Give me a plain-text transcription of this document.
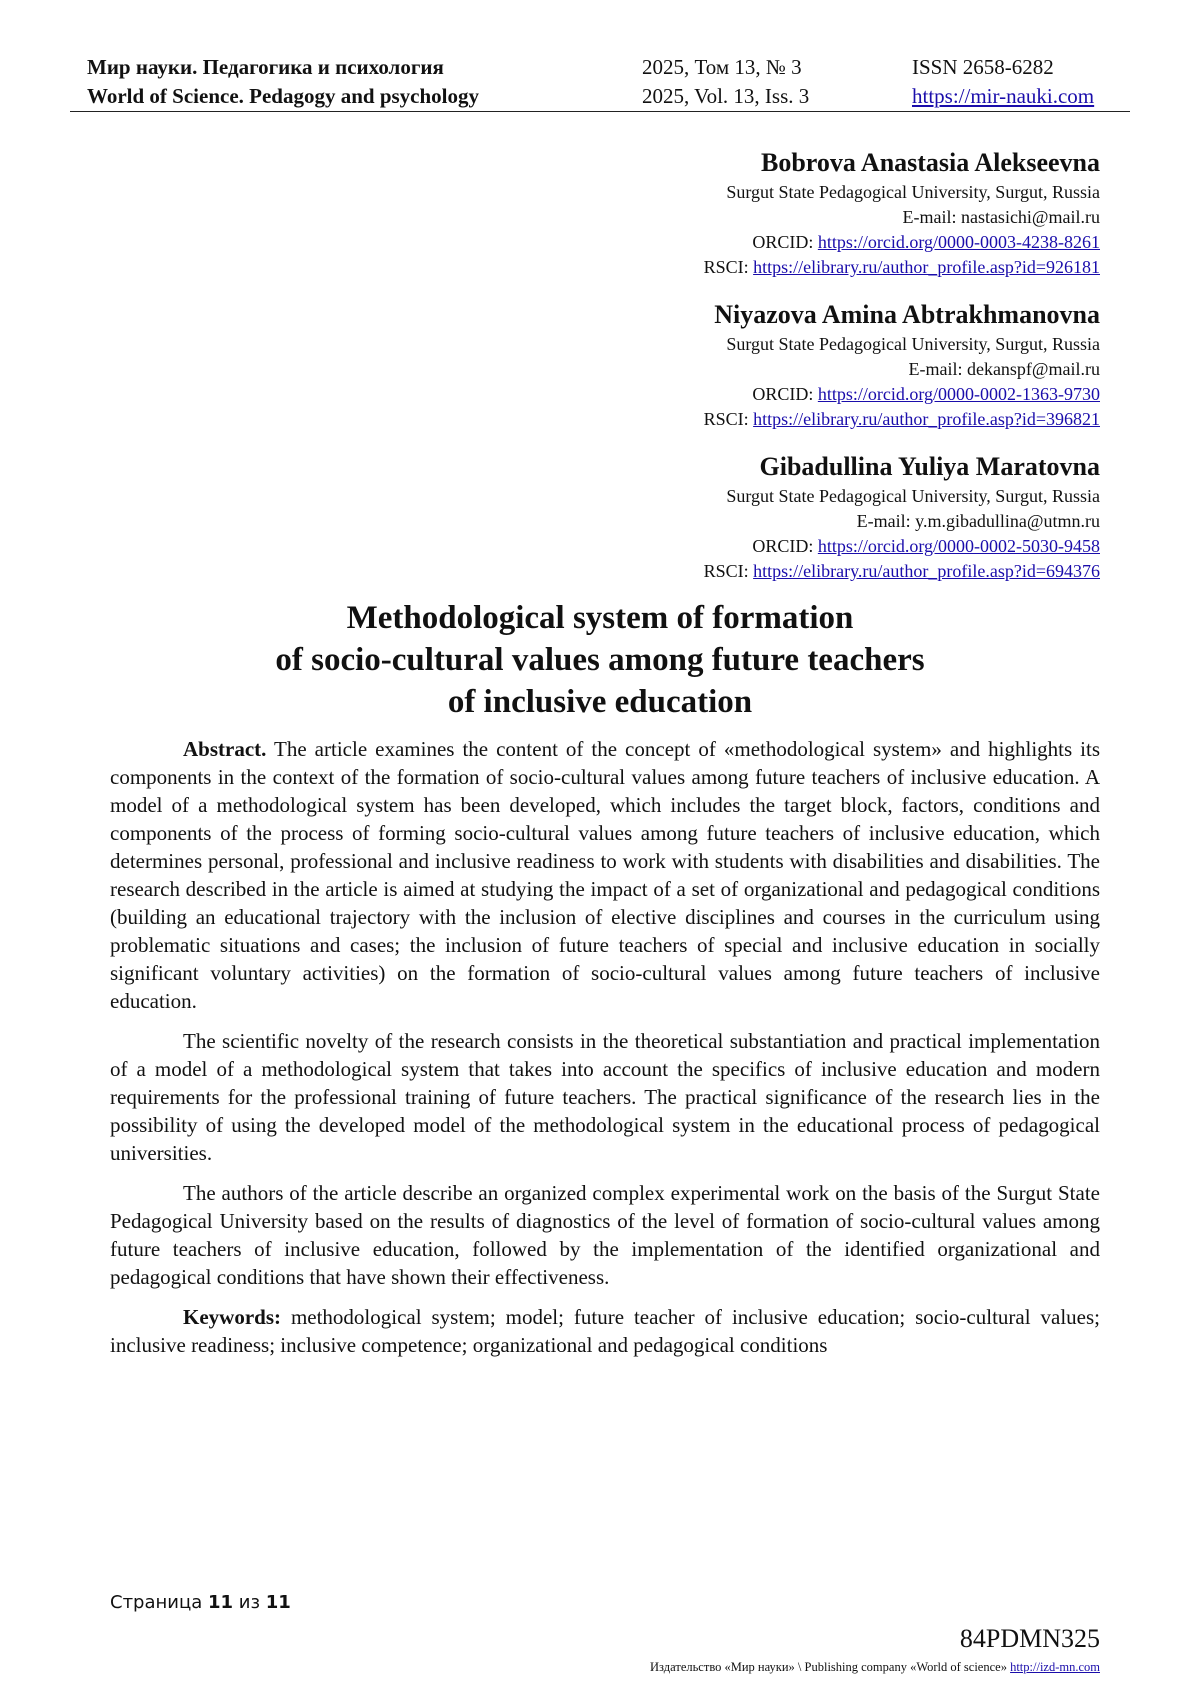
Мир науки. Педагогика и психология
World of Science. Pedagogy and psychology
2025, Том 13, № 3
2025, Vol. 13, Iss. 3
ISSN 2658-6282
https://mir-nauki.com
Bobrova Anastasia Alekseevna
Surgut State Pedagogical University, Surgut, Russia
E-mail: nastasichi@mail.ru
ORCID: https://orcid.org/0000-0003-4238-8261
RSCI: https://elibrary.ru/author_profile.asp?id=926181
Niyazova Amina Abtrakhmanovna
Surgut State Pedagogical University, Surgut, Russia
E-mail: dekanspf@mail.ru
ORCID: https://orcid.org/0000-0002-1363-9730
RSCI: https://elibrary.ru/author_profile.asp?id=396821
Gibadullina Yuliya Maratovna
Surgut State Pedagogical University, Surgut, Russia
E-mail: y.m.gibadullina@utmn.ru
ORCID: https://orcid.org/0000-0002-5030-9458
RSCI: https://elibrary.ru/author_profile.asp?id=694376
Methodological system of formation
of socio-cultural values among future teachers
of inclusive education

Abstract. The article examines the content of the concept of «methodological system» and highlights its components in the context of the formation of socio-cultural values among future teachers of inclusive education. A model of a methodological system has been developed, which includes the target block, factors, conditions and components of the process of forming socio-cultural values among future teachers of inclusive education, which determines personal, professional and inclusive readiness to work with students with disabilities and disabilities. The research described in the article is aimed at studying the impact of a set of organizational and pedagogical conditions (building an educational trajectory with the inclusion of elective disciplines and courses in the curriculum using problematic situations and cases; the inclusion of future teachers of special and inclusive education in socially significant voluntary activities) on the formation of socio-cultural values among future teachers of inclusive education.

The scientific novelty of the research consists in the theoretical substantiation and practical implementation of a model of a methodological system that takes into account the specifics of inclusive education and modern requirements for the professional training of future teachers. The practical significance of the research lies in the possibility of using the developed model of the methodological system in the educational process of pedagogical universities.

The authors of the article describe an organized complex experimental work on the basis of the Surgut State Pedagogical University based on the results of diagnostics of the level of formation of socio-cultural values among future teachers of inclusive education, followed by the implementation of the identified organizational and pedagogical conditions that have shown their effectiveness.

Keywords: methodological system; model; future teacher of inclusive education; socio-cultural values; inclusive readiness; inclusive competence; organizational and pedagogical conditions

Страница 11 из 11
84PDMN325
Издательство «Мир науки» \ Publishing company «World of science» http://izd-mn.com
